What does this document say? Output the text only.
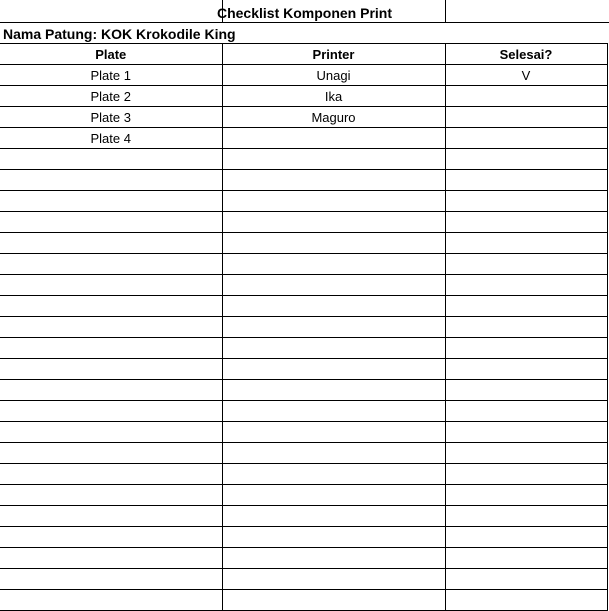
Checklist Komponen Print
Nama Patung: KOK Krokodile King
Plate	Printer	Selesai?
Plate 1	Unagi	V
Plate 2	Ika	
Plate 3	Maguro	
Plate 4		
